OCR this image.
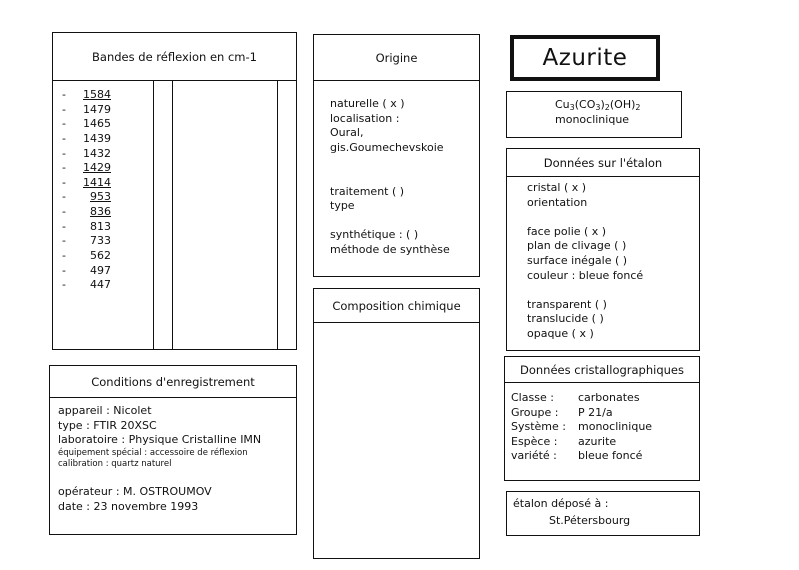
Bandes de réflexion en cm-1
- 1584
- 1479
- 1465
- 1439
- 1432
- 1429
- 1414
- 953
- 836
- 813
- 733
- 562
- 497
- 447
Origine
naturelle ( x )
localisation :
Oural,
gis.Goumechevskoie
traitement ( )
type
synthétique : ( )
méthode de synthèse
Composition chimique
Azurite
$Cu_3(CO_3)_2(OH)_2$
monoclinique
Données sur l'étalon
cristal ( x )
orientation
face polie ( x )
plan de clivage ( )
surface inégale ( )
couleur : bleue foncé
transparent ( )
translucide ( )
opaque ( x )
Données cristallographiques
Classe :
Groupe :
Système :
Espèce :
variété :
carbonates
P 21/a
monoclinique
azurite
bleue foncé
étalon déposé à :
St.Pétersbourg
Conditions d'enregistrement
appareil : Nicolet
type : FTIR 20XSC
laboratoire : Physique Cristalline IMN
équipement spécial : accessoire de réflexion
calibration : quartz naturel
opérateur : M. OSTROUMOV
date : 23 novembre 1993
